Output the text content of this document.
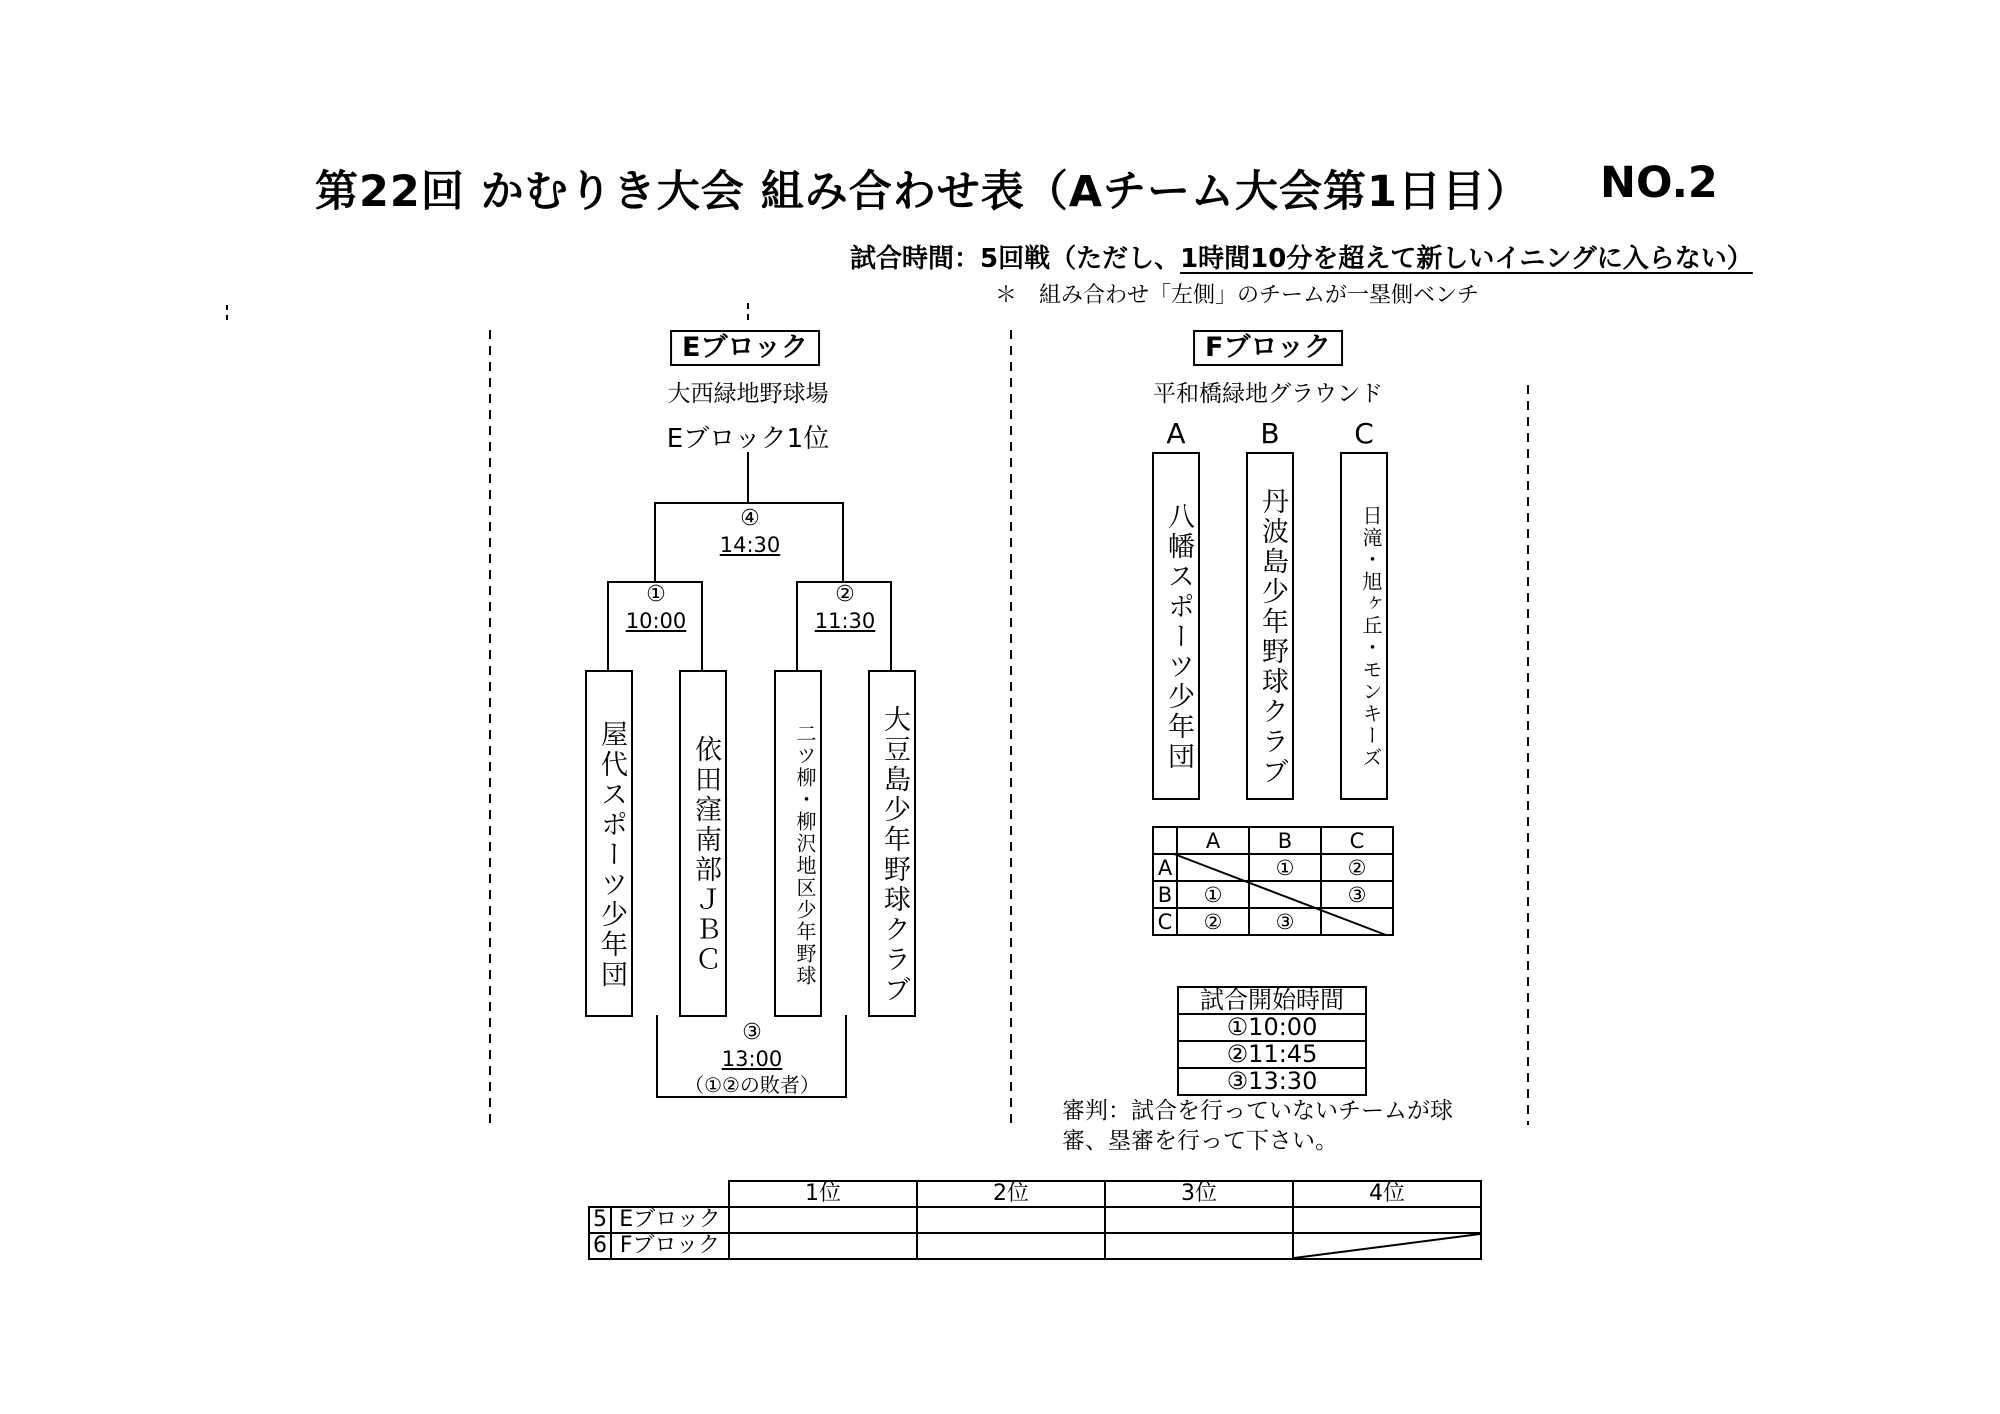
第22回 かむりき大会 組み合わせ表（Aチーム大会第1日目） NO.2
試合時間：5回戦（ただし、1時間10分を超えて新しいイニングに入らない）
＊　組み合わせ「左側」のチームが一塁側ベンチ
Eブロック
大西緑地野球場
Eブロック1位
④
14:30
①
10:00
②
11:30
③
13:00
（①②の敗者）
屋代スポーツ少年団	依田窪南部ＪＢＣ	二ツ柳・柳沢地区少年野球	大豆島少年野球クラブ
Fブロック
平和橋緑地グラウンド
A	B	C
八幡スポーツ少年団	丹波島少年野球クラブ	日滝・旭ヶ丘・モンキーズ
	A	B	C
A		①	②
B	①		③
C	②	③	
試合開始時間
①10:00
②11:45
③13:30
審判：試合を行っていないチームが球審、塁審を行って下さい。
		1位	2位	3位	4位
5	Eブロック				
6	Fブロック				
